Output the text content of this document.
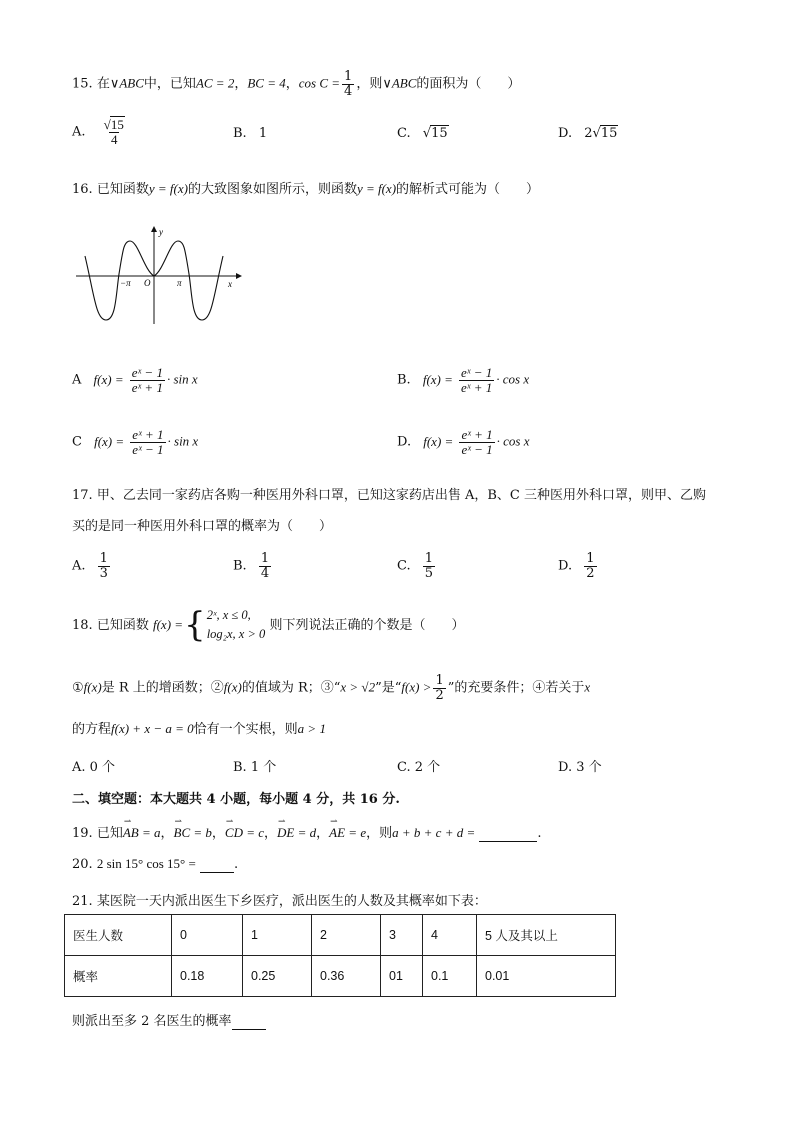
15. 在∨ABC中，已知AC = 2，BC = 4，$\cos C = \frac{1}{4}$ ，则∨ABC的面积为（　　）
A. $\frac{√15}{4}$	B. 1	C. √15	D. 2√15
16. 已知函数y = f(x)的大致图象如图所示，则函数y = f(x)的解析式可能为（　　）
y
x
−π O	π
A $f(x) = \frac{\text{eˣ − 1}}{\text{eˣ + 1}} \cdot \sin x$	B. $f(x) = \frac{\text{eˣ − 1}}{\text{eˣ + 1}} \cdot \cos x$
C $f(x) = \frac{\text{eˣ + 1}}{\text{eˣ − 1}} \cdot \sin x$	D. $f(x) = \frac{\text{eˣ + 1}}{\text{eˣ − 1}} \cdot \cos x$
17. 甲、乙去同一家药店各购一种医用外科口罩，已知这家药店出售 A，B、C 三种医用外科口罩，则甲、乙购
买的是同一种医用外科口罩的概率为（　　）
A. $\frac{1}{3}$	B. $\frac{1}{4}$	C. $\frac{1}{5}$	D. $\frac{1}{2}$
18. 已知函数 f(x) ={ 2ˣ, x ≤ 0,
log₂x, x > 0
则下列说法正确的个数是（　　）
①f(x)是 R 上的增函数；②f(x)的值域为 R；③“x > √2”是“$f(x) > \frac{1}{2}$ ”的充要条件；④若关于x
的方程f(x) + x − a = 0恰有一个实根，则a > 1
A. 0 个	B. 1 个	C. 2 个	D. 3 个
二、填空题：本大题共 4 小题，每小题 4 分，共 16 分.
19. 已知⇀ AB = a，⇀ BC = b，⇀ CD = c，⇀ DE = d，⇀ AE = e，则a + b + c + d =	.
20. 2 sin 15° cos 15° =	.
21. 某医院一天内派出医生下乡医疗，派出医生的人数及其概率如下表：
医生人数	0	1	2	3	4	5 人及其以上
概率	0.18	0.25	0.36	01	0.1	0.01
则派出至多 2 名医生的概率
